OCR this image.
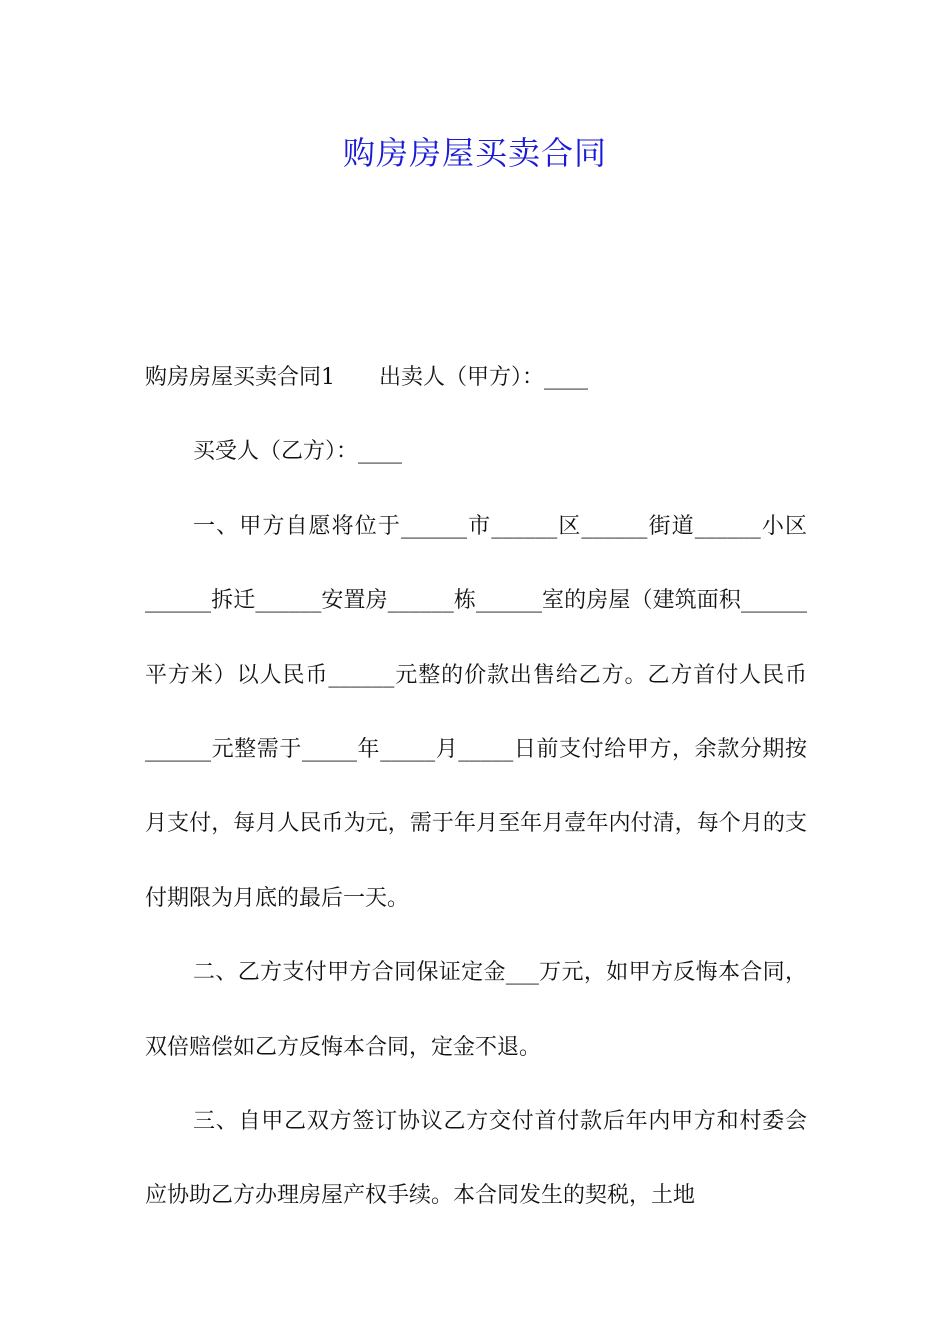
购房房屋买卖合同

购房房屋买卖合同1　　出卖人（甲方）：____

买受人（乙方）：____

一、甲方自愿将位于______市______区______街道______小区______拆迁______安置房______栋______室的房屋（建筑面积______平方米）以人民币______元整的价款出售给乙方。乙方首付人民币______元整需于_____年_____月_____日前支付给甲方，余款分期按月支付，每月人民币为元，需于年月至年月壹年内付清，每个月的支付期限为月底的最后一天。

二、乙方支付甲方合同保证定金___万元，如甲方反悔本合同，双倍赔偿如乙方反悔本合同，定金不退。

三、自甲乙双方签订协议乙方交付首付款后年内甲方和村委会应协助乙方办理房屋产权手续。本合同发生的契税，土地
